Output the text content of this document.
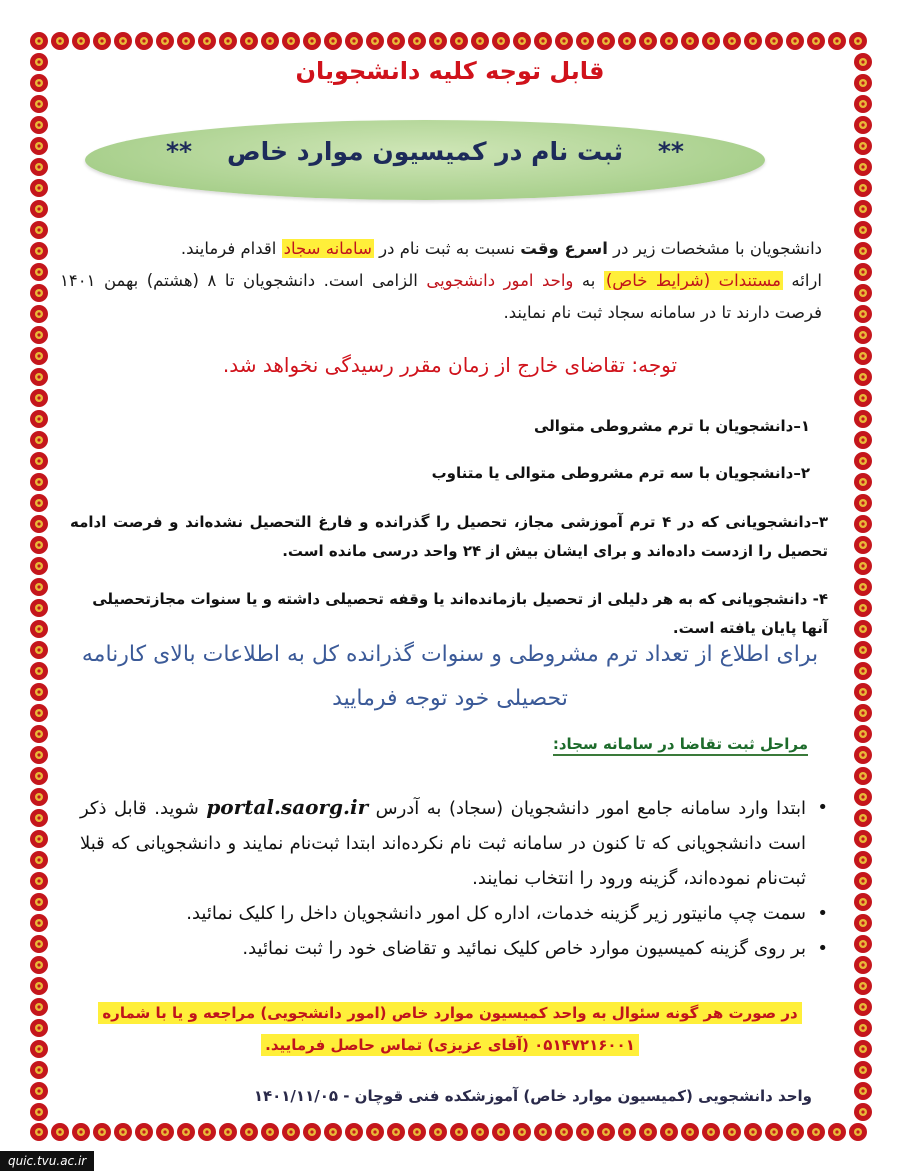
قابل توجه کلیه دانشجویان
**    ثبت نام در کمیسیون موارد خاص    **
دانشجویان با مشخصات زیر در اسرع وقت نسبت به ثبت نام در سامانه سجاد اقدام فرمایند.
ارائه مستندات (شرایط خاص) به واحد امور دانشجویی الزامی است. دانشجویان تا ۸ (هشتم) بهمن ۱۴۰۱ فرصت دارند تا در سامانه سجاد ثبت نام نمایند.
توجه: تقاضای خارج از زمان مقرر رسیدگی نخواهد شد.
۱–دانشجویان با ترم مشروطی متوالی
۲–دانشجویان با سه ترم مشروطی متوالی یا متناوب
۳–دانشجویانی که در ۴ ترم آموزشی مجاز، تحصیل را گذرانده و فارغ التحصیل نشده‌اند و فرصت ادامه تحصیل را ازدست داده‌اند و برای ایشان بیش از ۲۴ واحد درسی مانده است.
۴- دانشجویانی که به هر دلیلی از تحصیل بازمانده‌اند یا وقفه تحصیلی داشته و یا سنوات مجازتحصیلی آنها پایان یافته است.
برای اطلاع از تعداد ترم مشروطی و سنوات گذرانده کل به اطلاعات بالای کارنامه تحصیلی خود توجه فرمایید
مراحل ثبت تقاضا در سامانه سجاد:
• ابتدا وارد سامانه جامع امور دانشجویان (سجاد) به آدرس portal.saorg.ir شوید. قابل ذکر است دانشجویانی که تا کنون در سامانه ثبت نام نکرده‌اند ابتدا ثبت‌نام نمایند و دانشجویانی که قبلا ثبت‌نام نموده‌اند، گزینه ورود را انتخاب نمایند.
• سمت چپ مانیتور زیر گزینه خدمات، اداره کل امور دانشجویان داخل را کلیک نمائید.
• بر روی گزینه کمیسیون موارد خاص کلیک نمائید و تقاضای خود را ثبت نمائید.
در صورت هر گونه سئوال به واحد کمیسیون موارد خاص (امور دانشجویی) مراجعه و یا با شماره
۰۵۱۴۷۲۱۶۰۰۱ (آقای عزیزی) تماس حاصل فرمایید.
واحد دانشجویی (کمیسیون موارد خاص) آموزشکده فنی قوچان - ۱۴۰۱/۱۱/۰۵
quic.tvu.ac.ir
